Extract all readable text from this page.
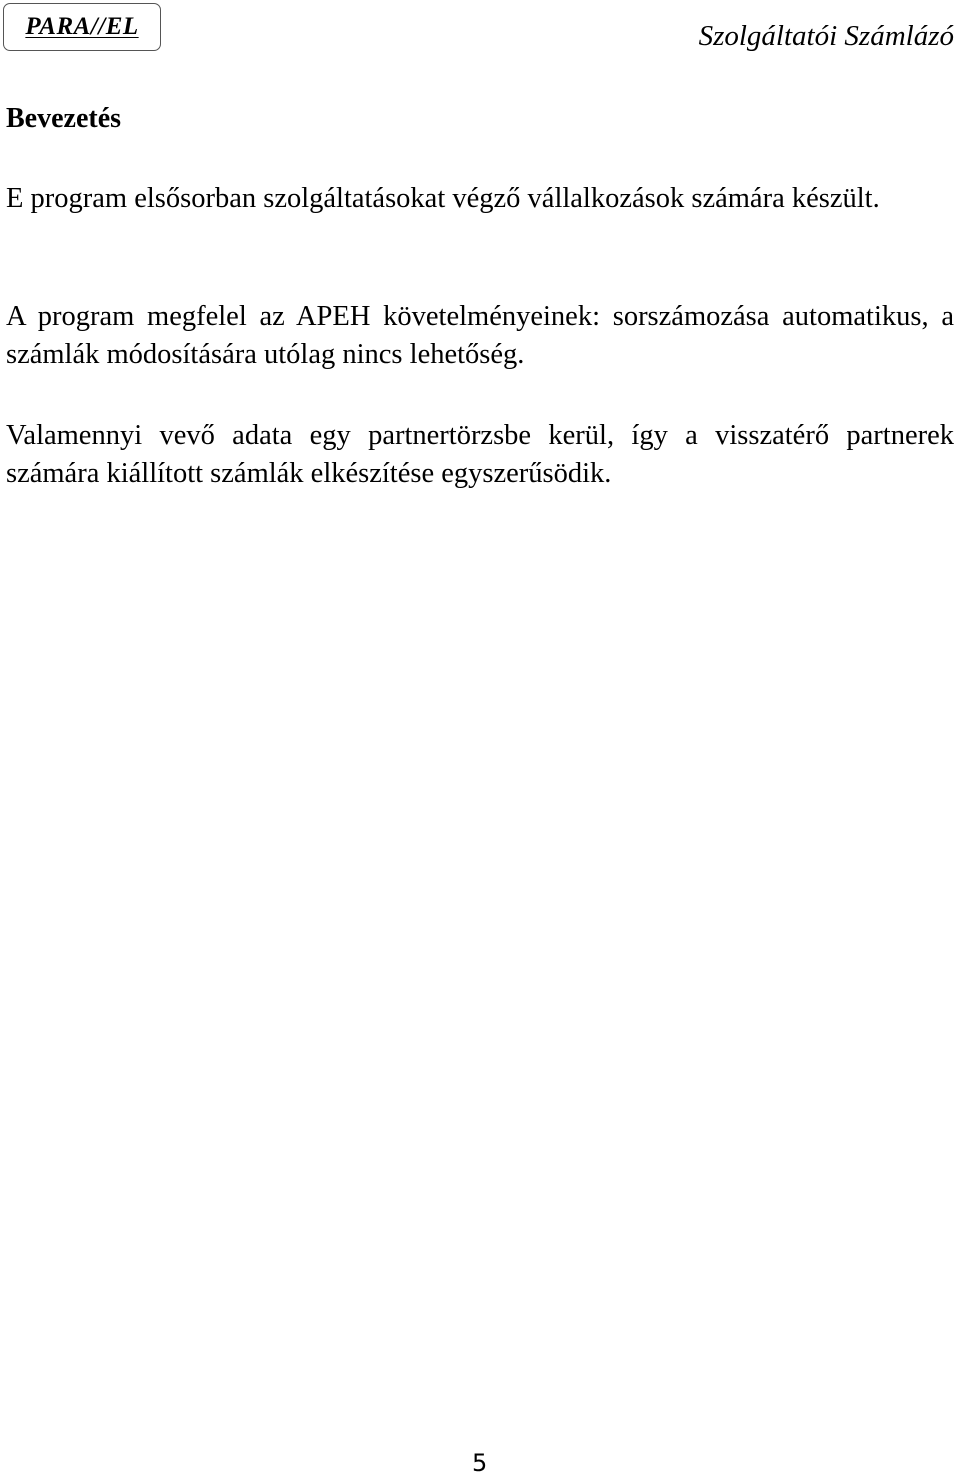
PARA//EL	Szolgáltatói Számlázó
Bevezetés

E program elsősorban szolgáltatásokat végző vállalkozások számára készült.

A program megfelel az APEH követelményeinek: sorszámozása automatikus, a számlák módosítására utólag nincs lehetőség.

Valamennyi vevő adata egy partnertörzsbe kerül, így a visszatérő partnerek számára kiállított számlák elkészítése egyszerűsödik.

5
